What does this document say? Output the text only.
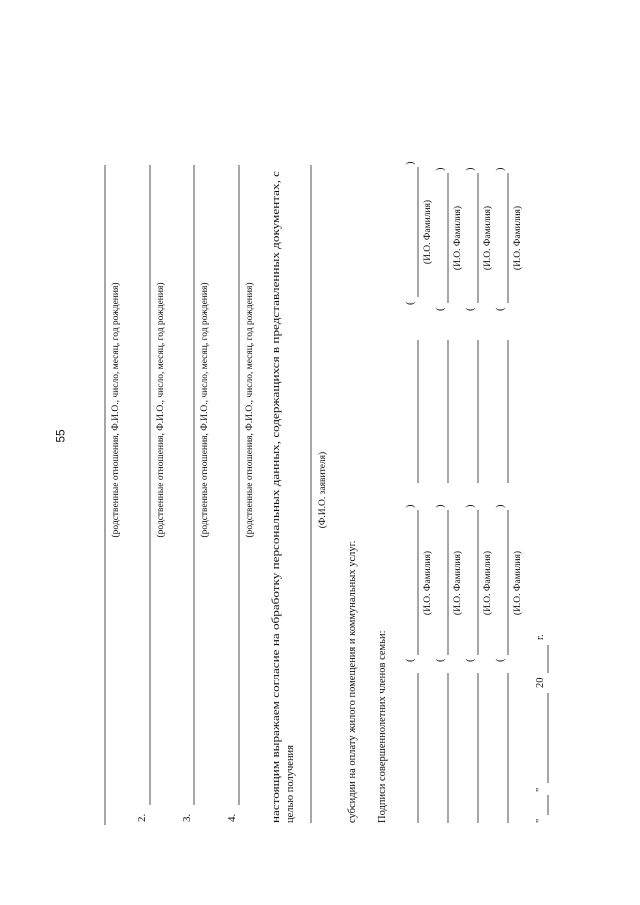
55	(родственные отношения, Ф.И.О., число, месяц, год рождения)
2.
(родственные отношения, Ф.И.О., число, месяц, год рождения)
3.
(родственные отношения, Ф.И.О., число, месяц, год рождения)
4.
(родственные отношения, Ф.И.О., число, месяц, год рождения) настоящим выражаем согласие на обработку персональных данных, содержащихся в представленных документах, с целью получения
(Ф.И.О. заявителя)
субсидии на оплату жилого помещения и коммунальных услуг. Подписи совершеннолетних членов семьи: (
)
(И.О. Фамилия)
(
)
(И.О. Фамилия)
(
)
(И.О. Фамилия)
(
)
(И.О. Фамилия)
(
)
(И.О. Фамилия)
(
)
(И.О. Фамилия)
(
)
(И.О. Фамилия)
(
)
(И.О. Фамилия)
"
"
20
г.
